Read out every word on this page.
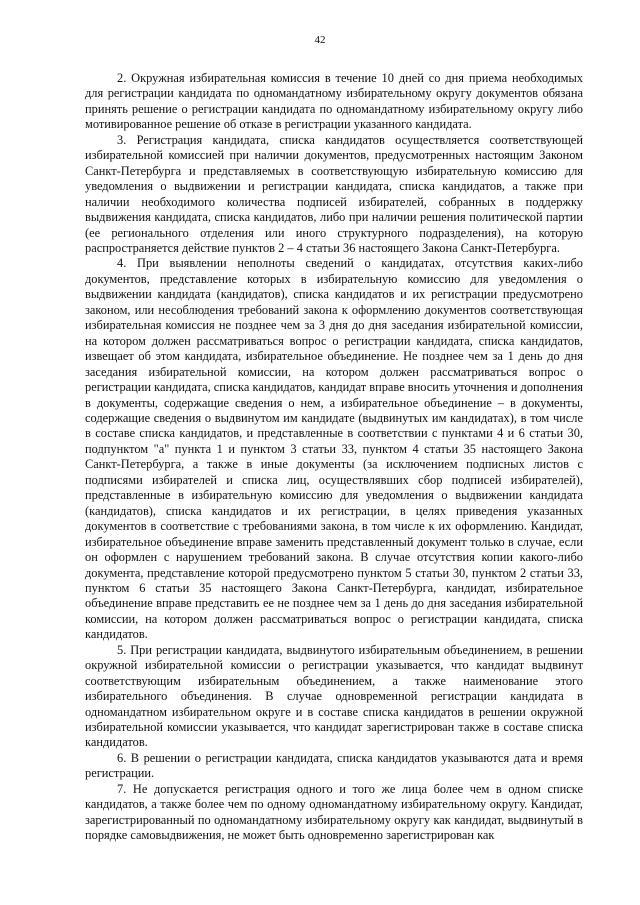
42

2. Окружная избирательная комиссия в течение 10 дней со дня приема необходимых для регистрации кандидата по одномандатному избирательному округу документов обязана принять решение о регистрации кандидата по одномандатному избирательному округу либо мотивированное решение об отказе в регистрации указанного кандидата.

3. Регистрация кандидата, списка кандидатов осуществляется соответствующей избирательной комиссией при наличии документов, предусмотренных настоящим Законом Санкт-Петербурга и представляемых в соответствующую избирательную комиссию для уведомления о выдвижении и регистрации кандидата, списка кандидатов, а также при наличии необходимого количества подписей избирателей, собранных в поддержку выдвижения кандидата, списка кандидатов, либо при наличии решения политической партии (ее регионального отделения или иного структурного подразделения), на которую распространяется действие пунктов 2 – 4 статьи 36 настоящего Закона Санкт-Петербурга.

4. При выявлении неполноты сведений о кандидатах, отсутствия каких-либо документов, представление которых в избирательную комиссию для уведомления о выдвижении кандидата (кандидатов), списка кандидатов и их регистрации предусмотрено законом, или несоблюдения требований закона к оформлению документов соответствующая избирательная комиссия не позднее чем за 3 дня до дня заседания избирательной комиссии, на котором должен рассматриваться вопрос о регистрации кандидата, списка кандидатов, извещает об этом кандидата, избирательное объединение. Не позднее чем за 1 день до дня заседания избирательной комиссии, на котором должен рассматриваться вопрос о регистрации кандидата, списка кандидатов, кандидат вправе вносить уточнения и дополнения в документы, содержащие сведения о нем, а избирательное объединение – в документы, содержащие сведения о выдвинутом им кандидате (выдвинутых им кандидатах), в том числе в составе списка кандидатов, и представленные в соответствии с пунктами 4 и 6 статьи 30, подпунктом "а" пункта 1 и пунктом 3 статьи 33, пунктом 4 статьи 35 настоящего Закона Санкт-Петербурга, а также в иные документы (за исключением подписных листов с подписями избирателей и списка лиц, осуществлявших сбор подписей избирателей), представленные в избирательную комиссию для уведомления о выдвижении кандидата (кандидатов), списка кандидатов и их регистрации, в целях приведения указанных документов в соответствие с требованиями закона, в том числе к их оформлению. Кандидат, избирательное объединение вправе заменить представленный документ только в случае, если он оформлен с нарушением требований закона. В случае отсутствия копии какого-либо документа, представление которой предусмотрено пунктом 5 статьи 30, пунктом 2 статьи 33, пунктом 6 статьи 35 настоящего Закона Санкт-Петербурга, кандидат, избирательное объединение вправе представить ее не позднее чем за 1 день до дня заседания избирательной комиссии, на котором должен рассматриваться вопрос о регистрации кандидата, списка кандидатов.

5. При регистрации кандидата, выдвинутого избирательным объединением, в решении окружной избирательной комиссии о регистрации указывается, что кандидат выдвинут соответствующим избирательным объединением, а также наименование этого избирательного объединения. В случае одновременной регистрации кандидата в одномандатном избирательном округе и в составе списка кандидатов в решении окружной избирательной комиссии указывается, что кандидат зарегистрирован также в составе списка кандидатов.

6. В решении о регистрации кандидата, списка кандидатов указываются дата и время регистрации.

7. Не допускается регистрация одного и того же лица более чем в одном списке кандидатов, а также более чем по одному одномандатному избирательному округу. Кандидат, зарегистрированный по одномандатному избирательному округу как кандидат, выдвинутый в порядке самовыдвижения, не может быть одновременно зарегистрирован как
